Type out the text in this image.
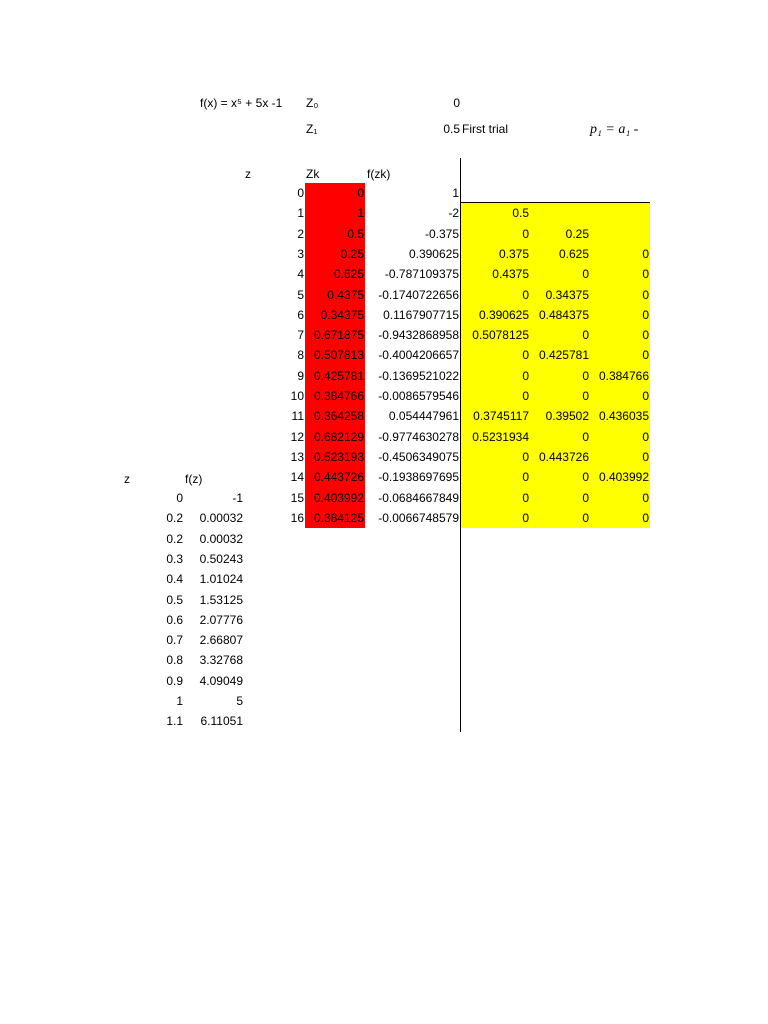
f(x) = x⁵ + 5x -1 Z₀	0
Z₁	0.5 First trial	p₁ = a₁ -
z	Zk	f(zk)
0	0	1
1	1	-2	0.5
2	0.5	-0.375	0	0.25
3	0.25	0.390625	0.375	0.625	0
4	0.625	-0.787109375	0.4375	0	0
5	0.4375	-0.1740722656	0	0.34375	0
6	0.34375	0.1167907715	0.390625 0.484375	0
7 0.671875	-0.9432868958	0.5078125	0	0
8 0.507813	-0.4004206657	0 0.425781	0
9 0.425781	-0.1369521022	0	0 0.384766
10 0.384766	-0.0086579546	0	0	0
11 0.364258	0.054447961	0.3745117	0.39502 0.436035
12 0.682129	-0.9774630278	0.5231934	0	0
13 0.523193	-0.4506349075	0 0.443726	0
14 0.443726	-0.1938697695	0	0 0.403992
15 0.403992	-0.0684667849	0	0	0
16 0.384125	-0.0066748579	0	0	0
z	f(z)
0	-1
0.2	0.00032
0.2	0.00032
0.3	0.50243
0.4	1.01024
0.5	1.53125
0.6	2.07776
0.7	2.66807
0.8	3.32768
0.9	4.09049
1	5
1.1	6.11051
